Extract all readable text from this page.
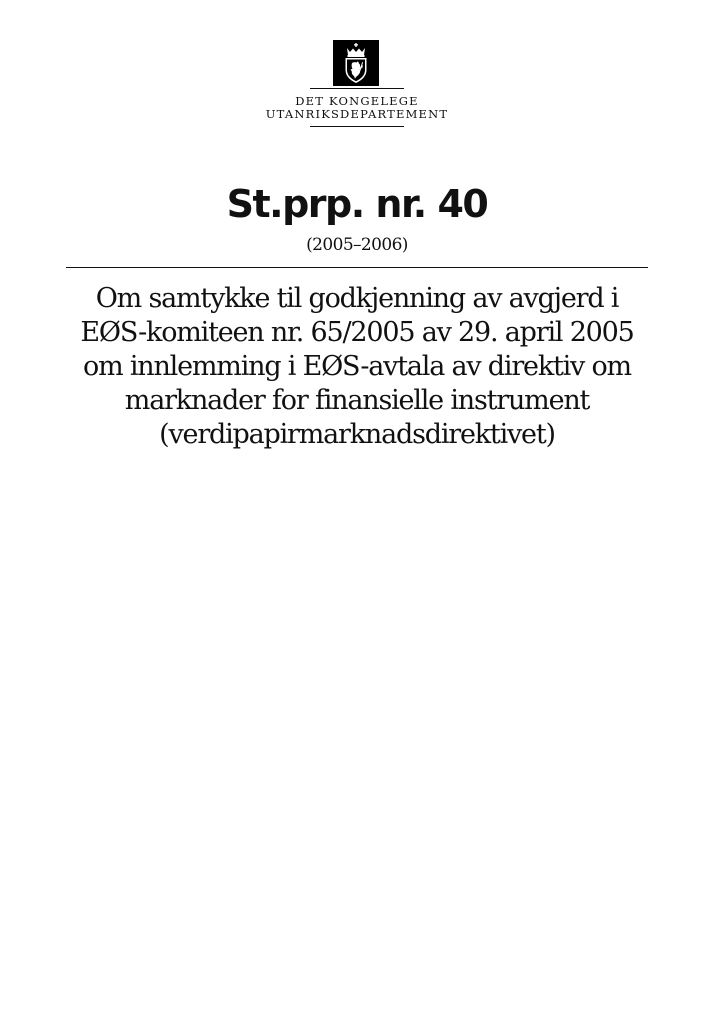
DET KONGELEGE
UTANRIKSDEPARTEMENT
St.prp. nr. 40
(2005–2006)
Om samtykke til godkjenning av avgjerd i
EØS-komiteen nr. 65/2005 av 29. april 2005
om innlemming i EØS-avtala av direktiv om
marknader for finansielle instrument
(verdipapirmarknadsdirektivet)
